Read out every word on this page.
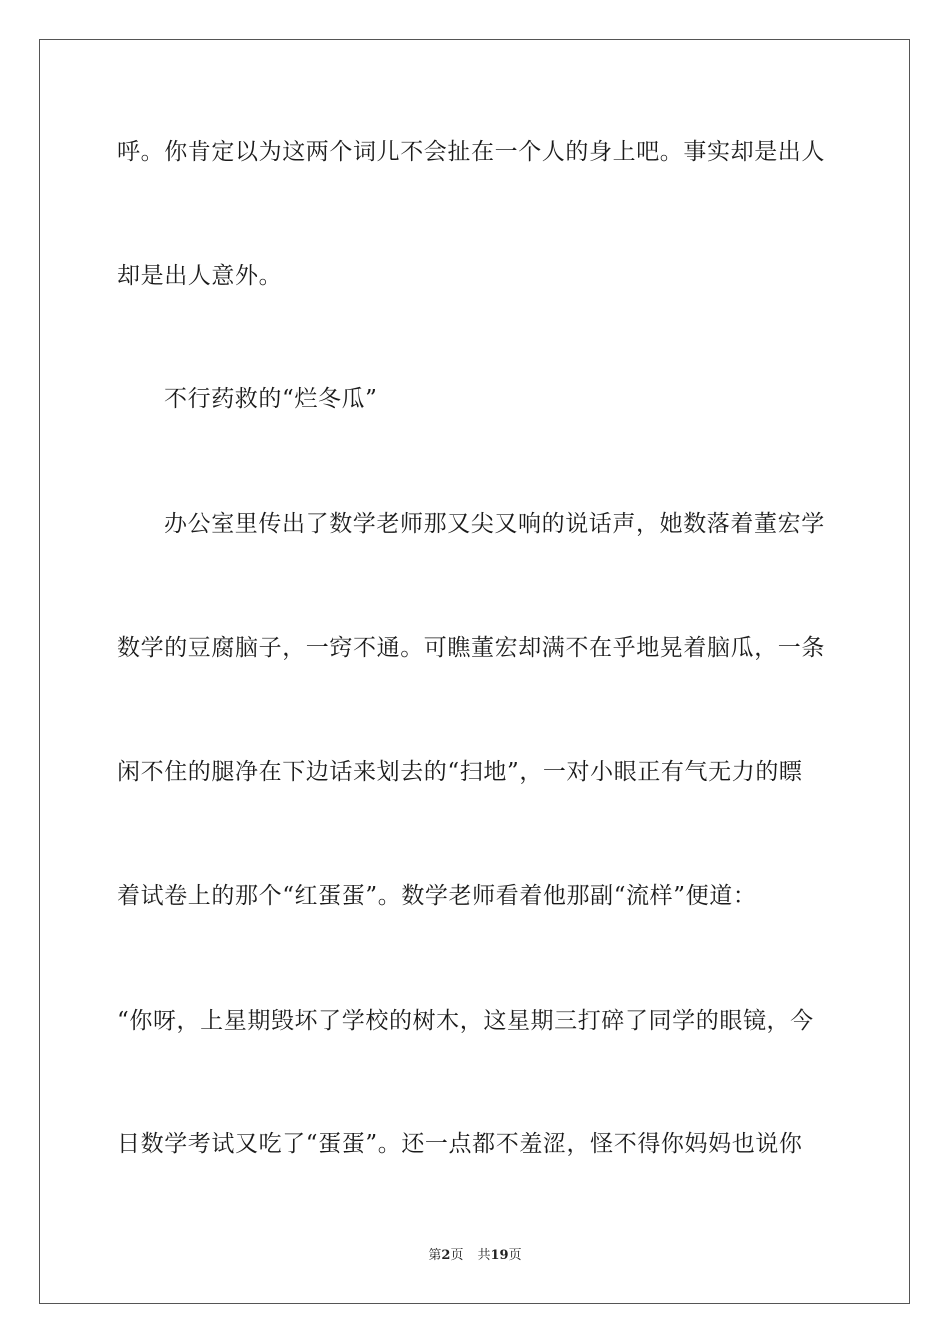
呼。你肯定以为这两个词儿不会扯在一个人的身上吧。事实却是出人
却是出人意外。
不行药救的“烂冬瓜”
办公室里传出了数学老师那又尖又响的说话声，她数落着董宏学
数学的豆腐脑子，一窍不通。可瞧董宏却满不在乎地晃着脑瓜，一条
闲不住的腿净在下边话来划去的“扫地”，一对小眼正有气无力的瞟
着试卷上的那个“红蛋蛋”。数学老师看着他那副“流样”便道：
“你呀，上星期毁坏了学校的树木，这星期三打碎了同学的眼镜，今
日数学考试又吃了“蛋蛋”。还一点都不羞涩，怪不得你妈妈也说你
第2页 共19页
